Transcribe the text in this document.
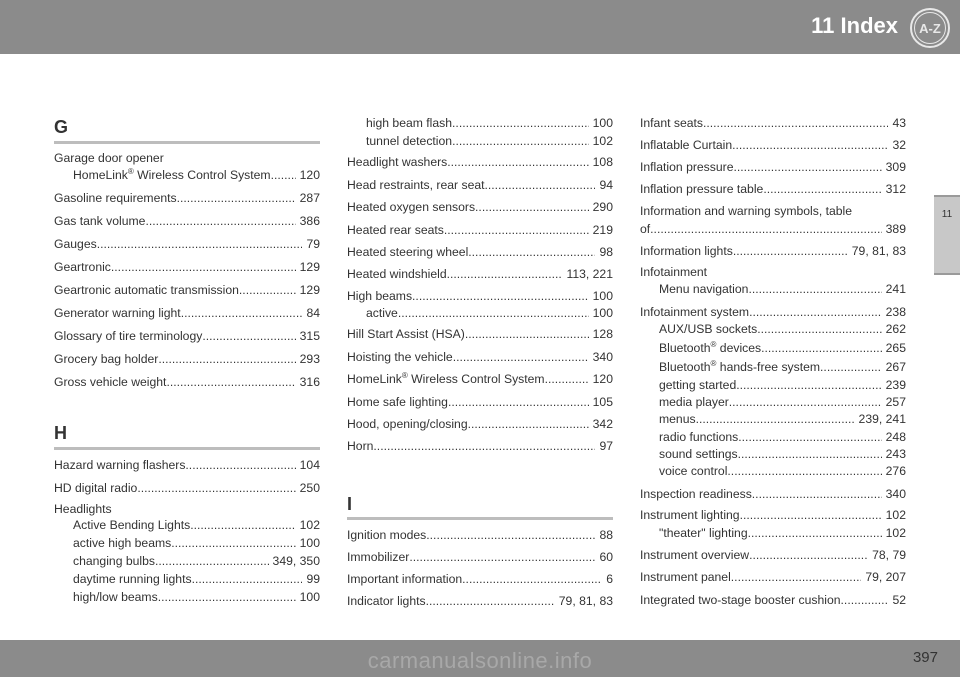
11 Index A-Z
11
G
Garage door opener
HomeLink® Wireless Control System. .....	120
Gasoline requirements .....	287
Gas tank volume .....	386
Gauges .....	79
Geartronic .....	129
Geartronic automatic transmission .....	129
Generator warning light .....	84
Glossary of tire terminology .....	315
Grocery bag holder .....	293
Gross vehicle weight .....	316
H
Hazard warning flashers .....	104
HD digital radio .....	250
Headlights
Active Bending Lights .....	102
active high beams .....	100
changing bulbs .....	349, 350
daytime running lights .....	99
high/low beams .....	100
high beam flash .....	100
tunnel detection .....	102
Headlight washers .....	108
Head restraints, rear seat .....	94
Heated oxygen sensors .....	290
Heated rear seats .....	219
Heated steering wheel .....	98
Heated windshield .....	113, 221
High beams .....	100
active .....	100
Hill Start Assist (HSA) .....	128
Hoisting the vehicle .....	340
HomeLink® Wireless Control System .....	120
Home safe lighting .....	105
Hood, opening/closing .....	342
Horn .....	97
I
Ignition modes .....	88
Immobilizer .....	60
Important information .....	6
Indicator lights .....	79, 81, 83
Infant seats .....	43
Inflatable Curtain .....	32
Inflation pressure .....	309
Inflation pressure table .....	312
Information and warning symbols, table
of .....	389
Information lights .....	79, 81, 83
Infotainment
Menu navigation .....	241
Infotainment system .....	238
AUX/USB sockets .....	262
Bluetooth® devices .....	265
Bluetooth® hands-free system .....	267
getting started .....	239
media player .....	257
menus .....	239, 241
radio functions .....	248
sound settings .....	243
voice control .....	276
Inspection readiness .....	340
Instrument lighting .....	102
"theater" lighting .....	102
Instrument overview .....	78, 79
Instrument panel .....	79, 207
Integrated two-stage booster cushion .....	52
carmanualsonline.info	397
